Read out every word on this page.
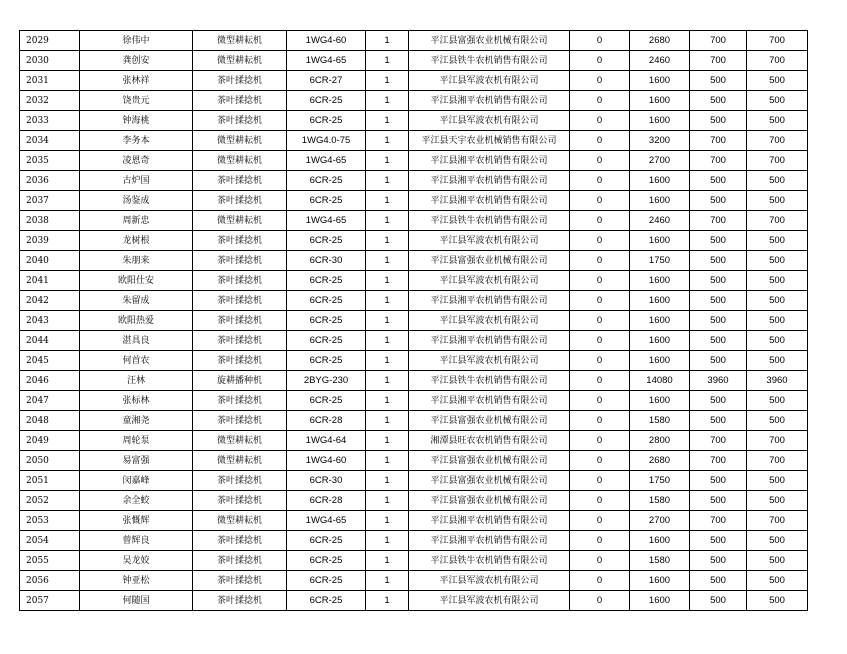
2029	徐伟中	微型耕耘机	1WG4-60	1	平江县富强农业机械有限公司	0	2680	700	700
2030	龚创安	微型耕耘机	1WG4-65	1	平江县铁牛农机销售有限公司	0	2460	700	700
2031	张林祥	茶叶揉捻机	6CR-27	1	平江县军波农机有限公司	0	1600	500	500
2032	饶贵元	茶叶揉捻机	6CR-25	1	平江县湘平农机销售有限公司	0	1600	500	500
2033	钟海桃	茶叶揉捻机	6CR-25	1	平江县军波农机有限公司	0	1600	500	500
2034	李务本	微型耕耘机	1WG4.0-75	1	平江县天宇农业机械销售有限公司	0	3200	700	700
2035	凌恩奇	微型耕耘机	1WG4-65	1	平江县湘平农机销售有限公司	0	2700	700	700
2036	古炉国	茶叶揉捻机	6CR-25	1	平江县湘平农机销售有限公司	0	1600	500	500
2037	汤鉴成	茶叶揉捻机	6CR-25	1	平江县湘平农机销售有限公司	0	1600	500	500
2038	周新忠	微型耕耘机	1WG4-65	1	平江县铁牛农机销售有限公司	0	2460	700	700
2039	龙树根	茶叶揉捻机	6CR-25	1	平江县军波农机有限公司	0	1600	500	500
2040	朱朋来	茶叶揉捻机	6CR-30	1	平江县富强农业机械有限公司	0	1750	500	500
2041	欧阳仕安	茶叶揉捻机	6CR-25	1	平江县军波农机有限公司	0	1600	500	500
2042	朱留成	茶叶揉捻机	6CR-25	1	平江县湘平农机销售有限公司	0	1600	500	500
2043	欧阳热爱	茶叶揉捻机	6CR-25	1	平江县军波农机有限公司	0	1600	500	500
2044	湛具良	茶叶揉捻机	6CR-25	1	平江县湘平农机销售有限公司	0	1600	500	500
2045	何首农	茶叶揉捻机	6CR-25	1	平江县军波农机有限公司	0	1600	500	500
2046	汪林	旋耕播种机	2BYG-230	1	平江县铁牛农机销售有限公司	0	14080	3960	3960
2047	张标林	茶叶揉捻机	6CR-25	1	平江县湘平农机销售有限公司	0	1600	500	500
2048	童湘尧	茶叶揉捻机	6CR-28	1	平江县富强农业机械有限公司	0	1580	500	500
2049	周轮泵	微型耕耘机	1WG4-64	1	湘潭县旺农农机销售有限公司	0	2800	700	700
2050	易富强	微型耕耘机	1WG4-60	1	平江县富强农业机械有限公司	0	2680	700	700
2051	闵嘉峰	茶叶揉捻机	6CR-30	1	平江县富强农业机械有限公司	0	1750	500	500
2052	余全蛟	茶叶揉捻机	6CR-28	1	平江县富强农业机械有限公司	0	1580	500	500
2053	张慨辉	微型耕耘机	1WG4-65	1	平江县湘平农机销售有限公司	0	2700	700	700
2054	曾辉良	茶叶揉捻机	6CR-25	1	平江县湘平农机销售有限公司	0	1600	500	500
2055	吴龙姣	茶叶揉捻机	6CR-25	1	平江县铁牛农机销售有限公司	0	1580	500	500
2056	钟亚松	茶叶揉捻机	6CR-25	1	平江县军波农机有限公司	0	1600	500	500
2057	何随国	茶叶揉捻机	6CR-25	1	平江县军波农机有限公司	0	1600	500	500
